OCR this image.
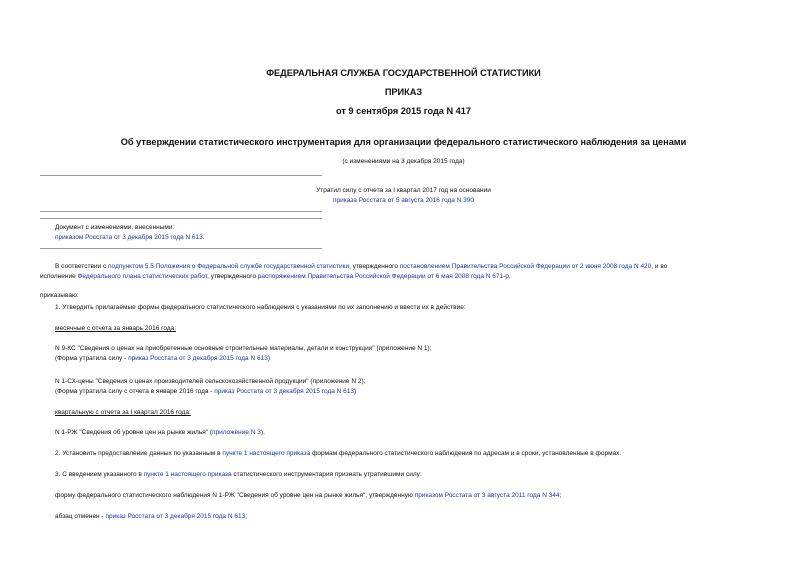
ФЕДЕРАЛЬНАЯ СЛУЖБА ГОСУДАРСТВЕННОЙ СТАТИСТИКИ
ПРИКАЗ
от 9 сентября 2015 года N 417
Об утверждении статистического инструментария для организации федерального статистического наблюдения за ценами
(с изменениями на 3 декабря 2015 года)
Утратил силу с отчета за I квартал 2017 год на основании
приказа Росстата от 5 августа 2016 года N 390
Документ с изменениями, внесенными:
приказом Росстата от 3 декабря 2015 года N 613.
В соответствии с подпунктом 5.5 Положения о Федеральной службе государственной статистики, утвержденного постановлением Правительства Российской Федерации от 2 июня 2008 года N 420, и во
исполнение Федерального плана статистических работ, утвержденного распоряжением Правительства Российской Федерации от 6 мая 2008 года N 671-р,
приказываю:
1. Утвердить прилагаемые формы федерального статистического наблюдения с указаниями по их заполнению и ввести их в действие:
месячные с отчета за январь 2016 года:
N 9-КС "Сведения о ценах на приобретенные основные строительные материалы, детали и конструкции" (приложение N 1);
(Форма утратила силу - приказ Росстата от 3 декабря 2015 года N 613)
N 1-СХ-цены "Сведения о ценах производителей сельскохозяйственной продукции" (приложение N 2);
(Форма утратила силу с отчета в январе 2016 года - приказ Росстата от 3 декабря 2015 года N 613)
квартальную с отчета за I квартал 2016 года:
N 1-РЖ "Сведения об уровне цен на рынке жилья" (приложение N 3).
2. Установить предоставление данных по указанным в пункте 1 настоящего приказа формам федерального статистического наблюдения по адресам и в сроки, установленные в формах.
3. С введением указанного в пункте 1 настоящего приказа статистического инструментария признать утратившими силу:
форму федерального статистического наблюдения N 1-РЖ "Сведения об уровне цен на рынке жилья", утвержденную приказом Росстата от 3 августа 2011 года N 344;
абзац отменен - приказ Росстата от 3 декабря 2015 года N 613;
